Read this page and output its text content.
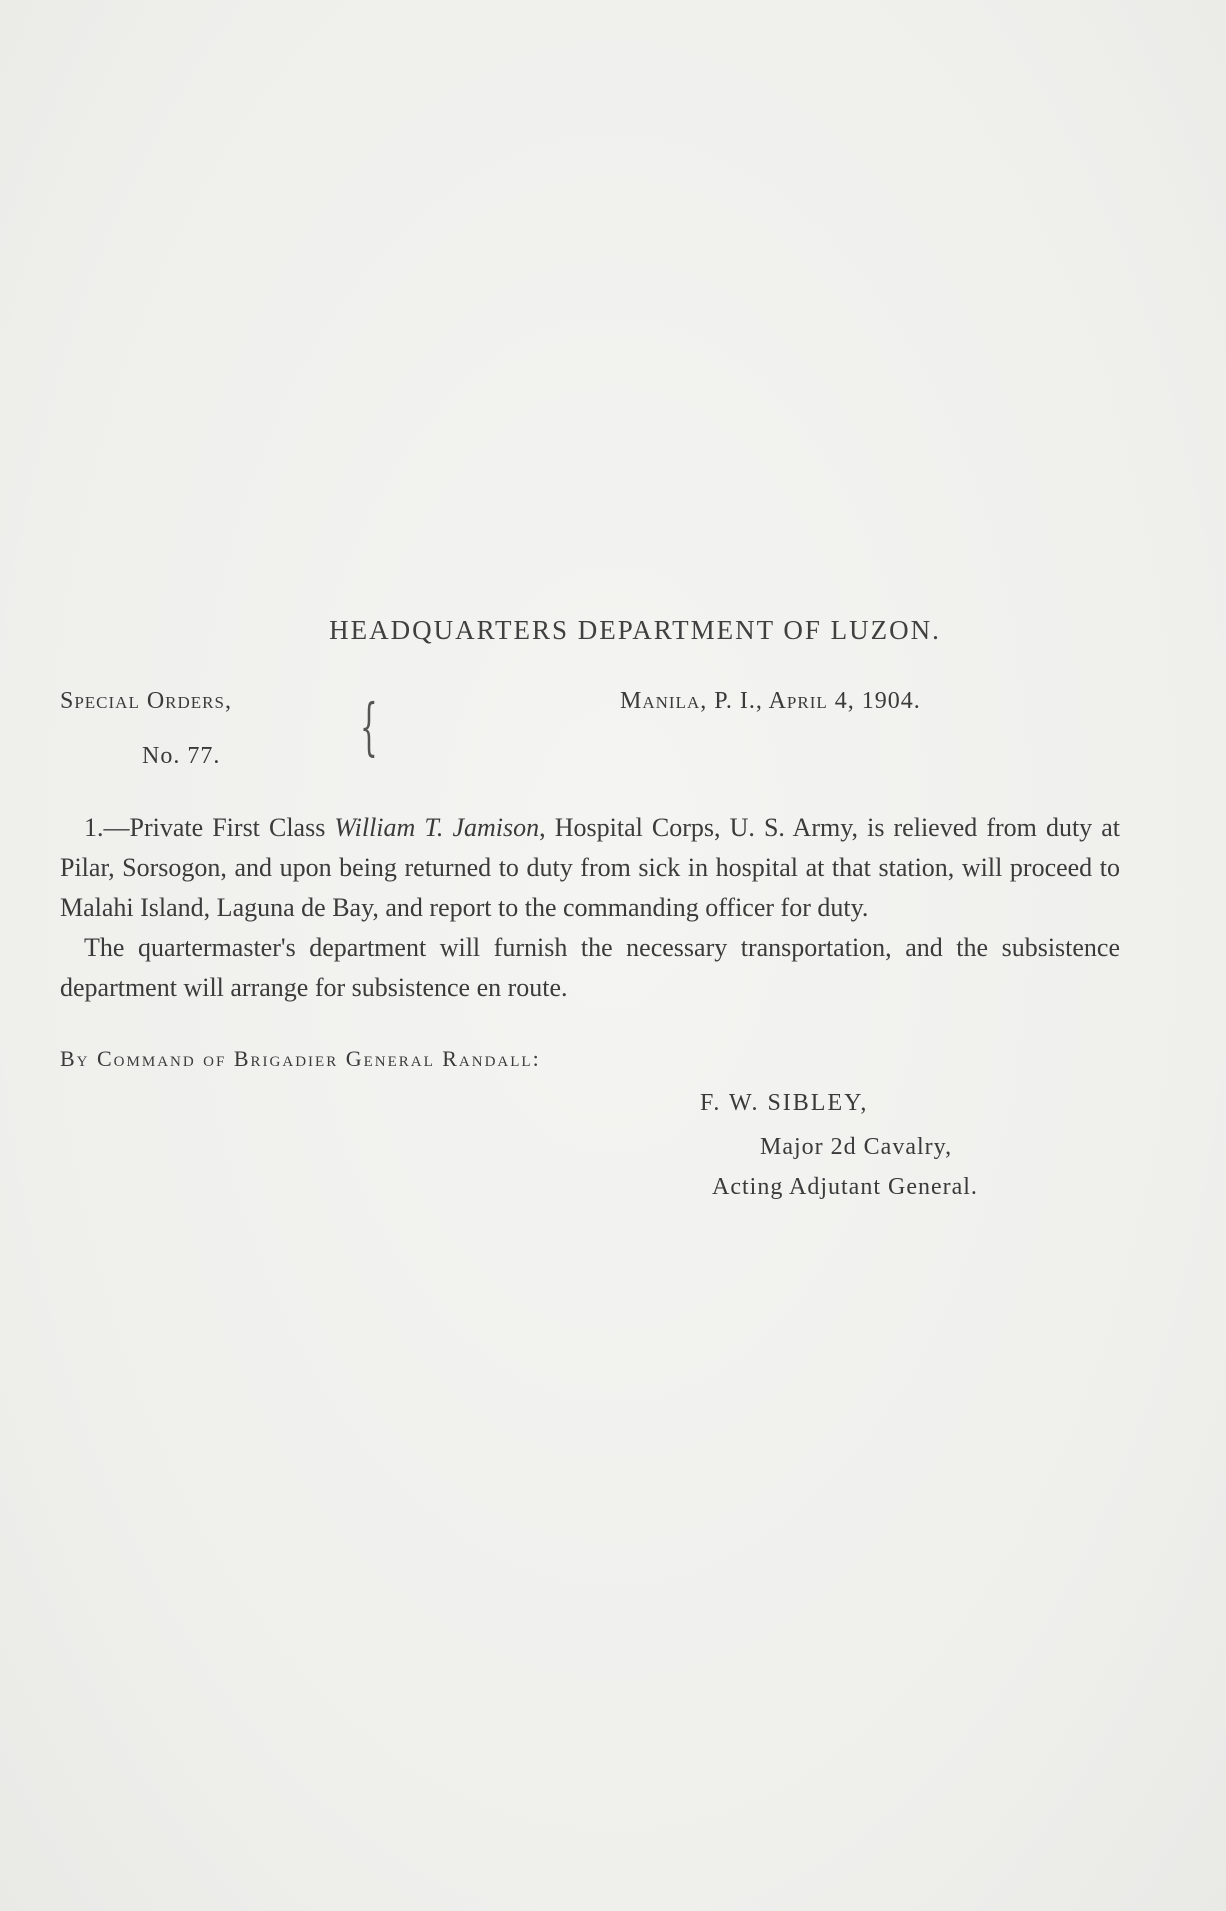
HEADQUARTERS DEPARTMENT OF LUZON.
Special Orders,
No. 77. {	Manila, P. I., April 4, 1904.

1.—Private First Class William T. Jamison, Hospital Corps, U. S. Army, is relieved from duty at Pilar, Sorsogon, and upon being returned to duty from sick in hospital at that station, will proceed to Malahi Island, Laguna de Bay, and report to the commanding officer for duty.

The quartermaster's department will furnish the necessary transportation, and the subsistence department will arrange for subsistence en route.

By Command of Brigadier General Randall:
F. W. SIBLEY,
Major 2d Cavalry,
Acting Adjutant General.
